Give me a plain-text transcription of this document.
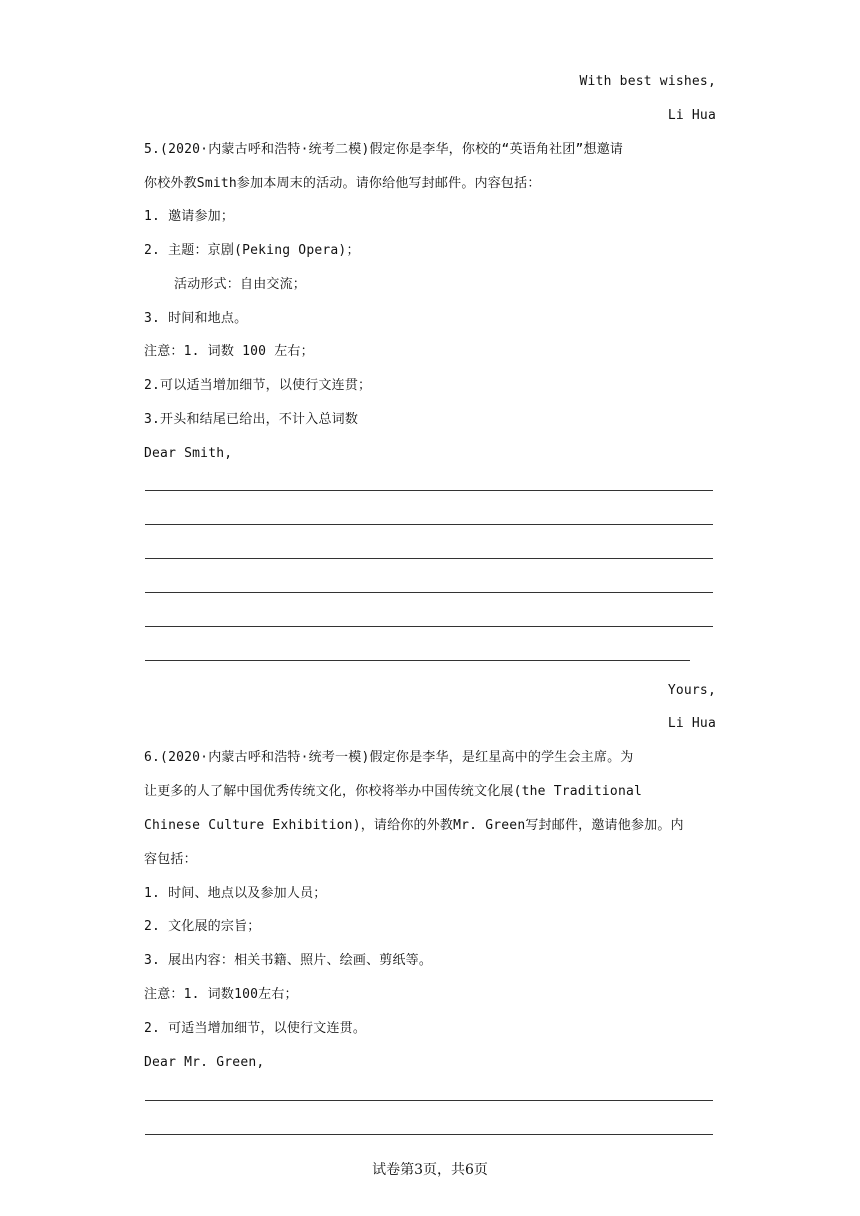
With best wishes,
Li Hua
5.(2020·内蒙古呼和浩特·统考二模)假定你是李华，你校的“英语角社团”想邀请
你校外教Smith参加本周末的活动。请你给他写封邮件。内容包括：
1. 邀请参加；
2. 主题：京剧(Peking Opera)；
活动形式：自由交流；
3. 时间和地点。
注意：1. 词数 100 左右；
2.可以适当增加细节，以使行文连贯；
3.开头和结尾已给出，不计入总词数
Dear Smith,
Yours,
Li Hua
6.(2020·内蒙古呼和浩特·统考一模)假定你是李华，是红星高中的学生会主席。为
让更多的人了解中国优秀传统文化，你校将举办中国传统文化展(the Traditional
Chinese Culture Exhibition)，请给你的外教Mr. Green写封邮件，邀请他参加。内
容包括：
1. 时间、地点以及参加人员；
2. 文化展的宗旨；
3. 展出内容：相关书籍、照片、绘画、剪纸等。
注意：1. 词数100左右；
2. 可适当增加细节，以使行文连贯。
Dear Mr. Green,
试卷第3页，共6页
